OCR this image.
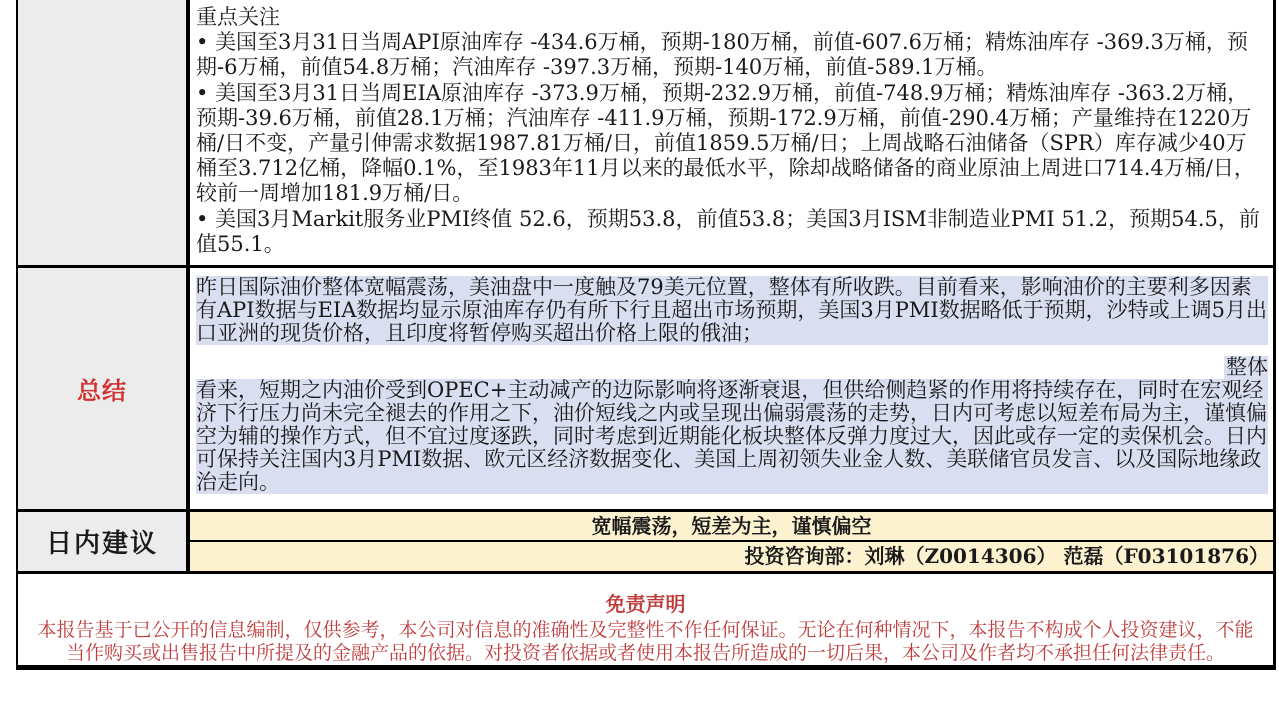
重点关注

• 美国至3月31日当周API原油库存 -434.6万桶，预期-180万桶，前值-607.6万桶；精炼油库存 -369.3万桶，预期-6万桶，前值54.8万桶；汽油库存 -397.3万桶，预期-140万桶，前值-589.1万桶。

• 美国至3月31日当周EIA原油库存 -373.9万桶，预期-232.9万桶，前值-748.9万桶；精炼油库存 -363.2万桶，预期-39.6万桶，前值28.1万桶；汽油库存 -411.9万桶，预期-172.9万桶，前值-290.4万桶；产量维持在1220万桶/日不变，产量引伸需求数据1987.81万桶/日，前值1859.5万桶/日；上周战略石油储备（SPR）库存减少40万桶至3.712亿桶，降幅0.1%，至1983年11月以来的最低水平，除却战略储备的商业原油上周进口714.4万桶/日，较前一周增加181.9万桶/日。

• 美国3月Markit服务业PMI终值 52.6，预期53.8，前值53.8；美国3月ISM非制造业PMI 51.2，预期54.5，前值55.1。

总结

昨日国际油价整体宽幅震荡，美油盘中一度触及79美元位置，整体有所收跌。目前看来，影响油价的主要利多因素有API数据与EIA数据均显示原油库存仍有所下行且超出市场预期，美国3月PMI数据略低于预期，沙特或上调5月出口亚洲的现货价格，且印度将暂停购买超出价格上限的俄油；

整体

看来，短期之内油价受到OPEC+主动减产的边际影响将逐渐衰退，但供给侧趋紧的作用将持续存在，同时在宏观经济下行压力尚未完全褪去的作用之下，油价短线之内或呈现出偏弱震荡的走势，日内可考虑以短差布局为主，谨慎偏空为辅的操作方式，但不宜过度逐跌，同时考虑到近期能化板块整体反弹力度过大，因此或存一定的卖保机会。日内可保持关注国内3月PMI数据、欧元区经济数据变化、美国上周初领失业金人数、美联储官员发言、以及国际地缘政治走向。

日内建议
宽幅震荡，短差为主，谨慎偏空
投资咨询部：刘琳（Z0014306） 范磊（F03101876）

免责声明

本报告基于已公开的信息编制，仅供参考，本公司对信息的准确性及完整性不作任何保证。无论在何种情况下，本报告不构成个人投资建议，不能当作购买或出售报告中所提及的金融产品的依据。对投资者依据或者使用本报告所造成的一切后果，本公司及作者均不承担任何法律责任。
